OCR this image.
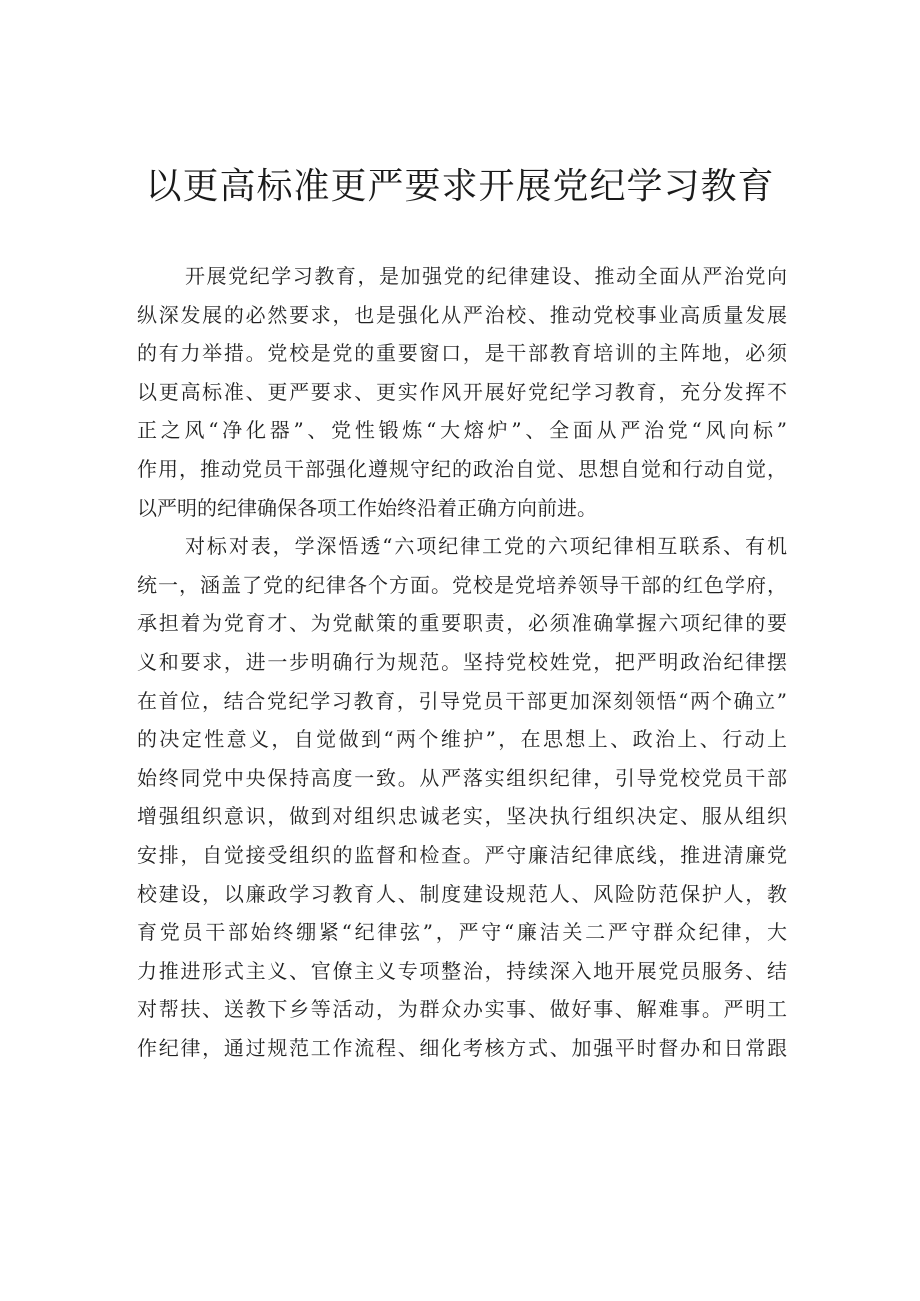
以更高标准更严要求开展党纪学习教育
开展党纪学习教育，是加强党的纪律建设、推动全面从严治党向
纵深发展的必然要求，也是强化从严治校、推动党校事业高质量发展
的有力举措。党校是党的重要窗口，是干部教育培训的主阵地，必须
以更高标准、更严要求、更实作风开展好党纪学习教育，充分发挥不
正之风“净化器”、党性锻炼“大熔炉”、全面从严治党“风向标”
作用，推动党员干部强化遵规守纪的政治自觉、思想自觉和行动自觉，
以严明的纪律确保各项工作始终沿着正确方向前进。
对标对表，学深悟透“六项纪律工党的六项纪律相互联系、有机
统一，涵盖了党的纪律各个方面。党校是党培养领导干部的红色学府，
承担着为党育才、为党献策的重要职责，必须准确掌握六项纪律的要
义和要求，进一步明确行为规范。坚持党校姓党，把严明政治纪律摆
在首位，结合党纪学习教育，引导党员干部更加深刻领悟“两个确立”
的决定性意义，自觉做到“两个维护”，在思想上、政治上、行动上
始终同党中央保持高度一致。从严落实组织纪律，引导党校党员干部
增强组织意识，做到对组织忠诚老实，坚决执行组织决定、服从组织
安排，自觉接受组织的监督和检查。严守廉洁纪律底线，推进清廉党
校建设，以廉政学习教育人、制度建设规范人、风险防范保护人，教
育党员干部始终绷紧“纪律弦”，严守“廉洁关二严守群众纪律，大
力推进形式主义、官僚主义专项整治，持续深入地开展党员服务、结
对帮扶、送教下乡等活动，为群众办实事、做好事、解难事。严明工
作纪律，通过规范工作流程、细化考核方式、加强平时督办和日常跟
